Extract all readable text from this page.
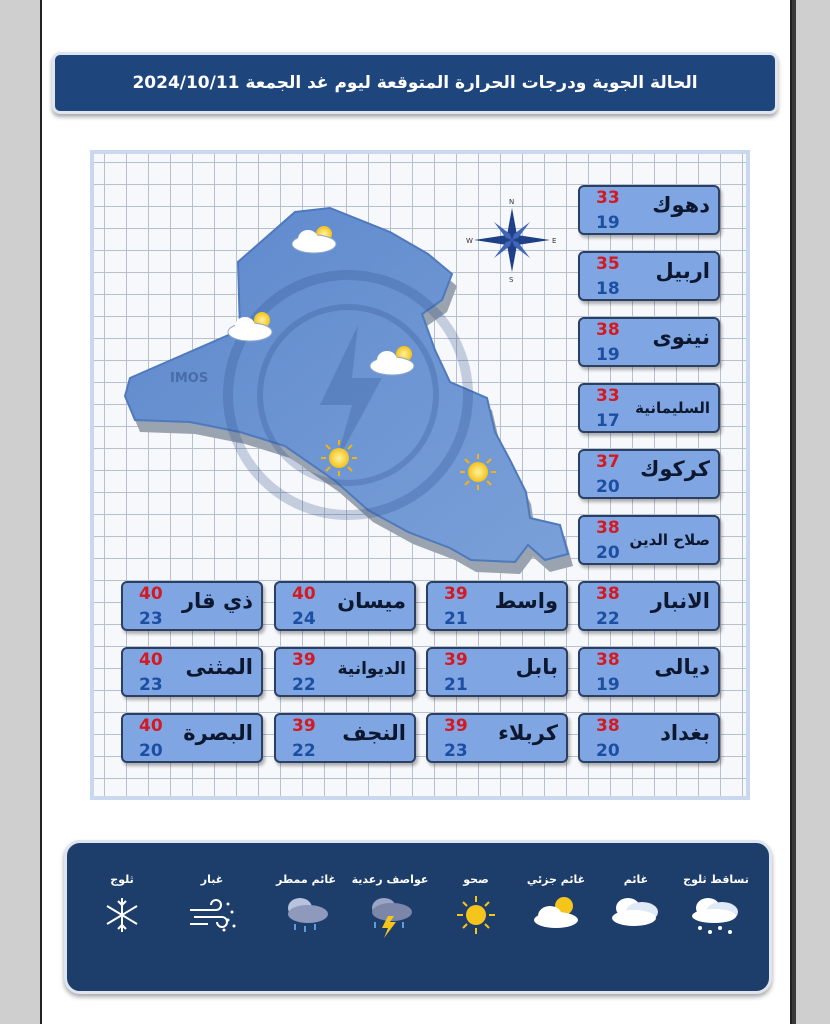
الحالة الجوية ودرجات الحرارة المتوقعة ليوم غد الجمعة 2024/10/11
IMOS
N
S
E
W
دهوك
33
19
اربيل
35
18
نينوى
38
19
السليمانية
33
17
كركوك
37
20
صلاح الدين
38
20
الانبار
38
22
واسط
39
21
ميسان
40
24
ذي قار
40
23
ديالى
38
19
بابل
39
21
الديوانية
39
22
المثنى
40
23
بغداد
38
20
كربلاء
39
23
النجف
39
22
البصرة
40
20
تساقط ثلوج
غائم
غائم جزئي
صحو
عواصف رعدية
غائم ممطر
غبار
ثلوج
